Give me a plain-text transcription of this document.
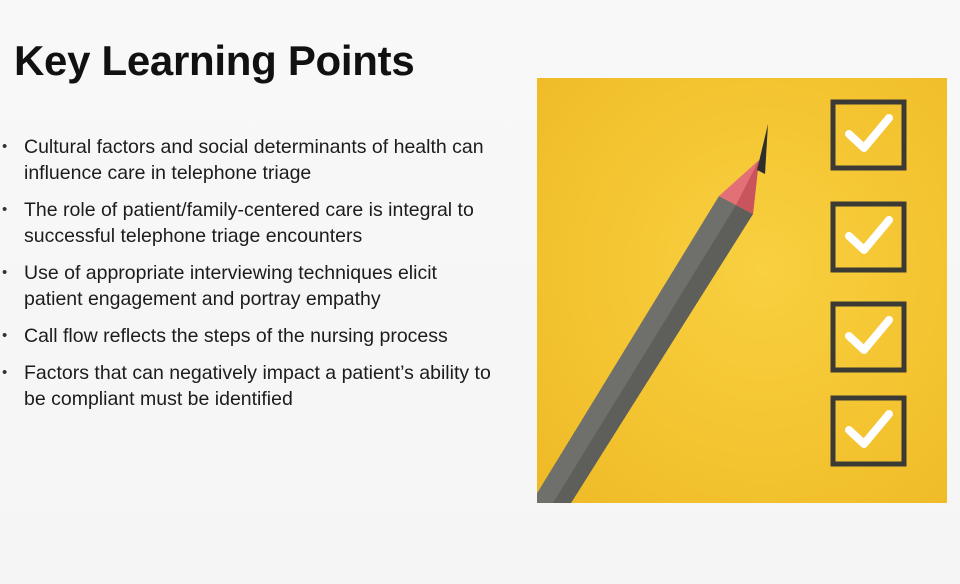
Key Learning Points
• Cultural factors and social determinants of health can influence care in telephone triage
• The role of patient/family-centered care is integral to successful telephone triage encounters
• Use of appropriate interviewing techniques elicit patient engagement and portray empathy
• Call flow reflects the steps of the nursing process
• Factors that can negatively impact a patient’s ability to be compliant must be identified
